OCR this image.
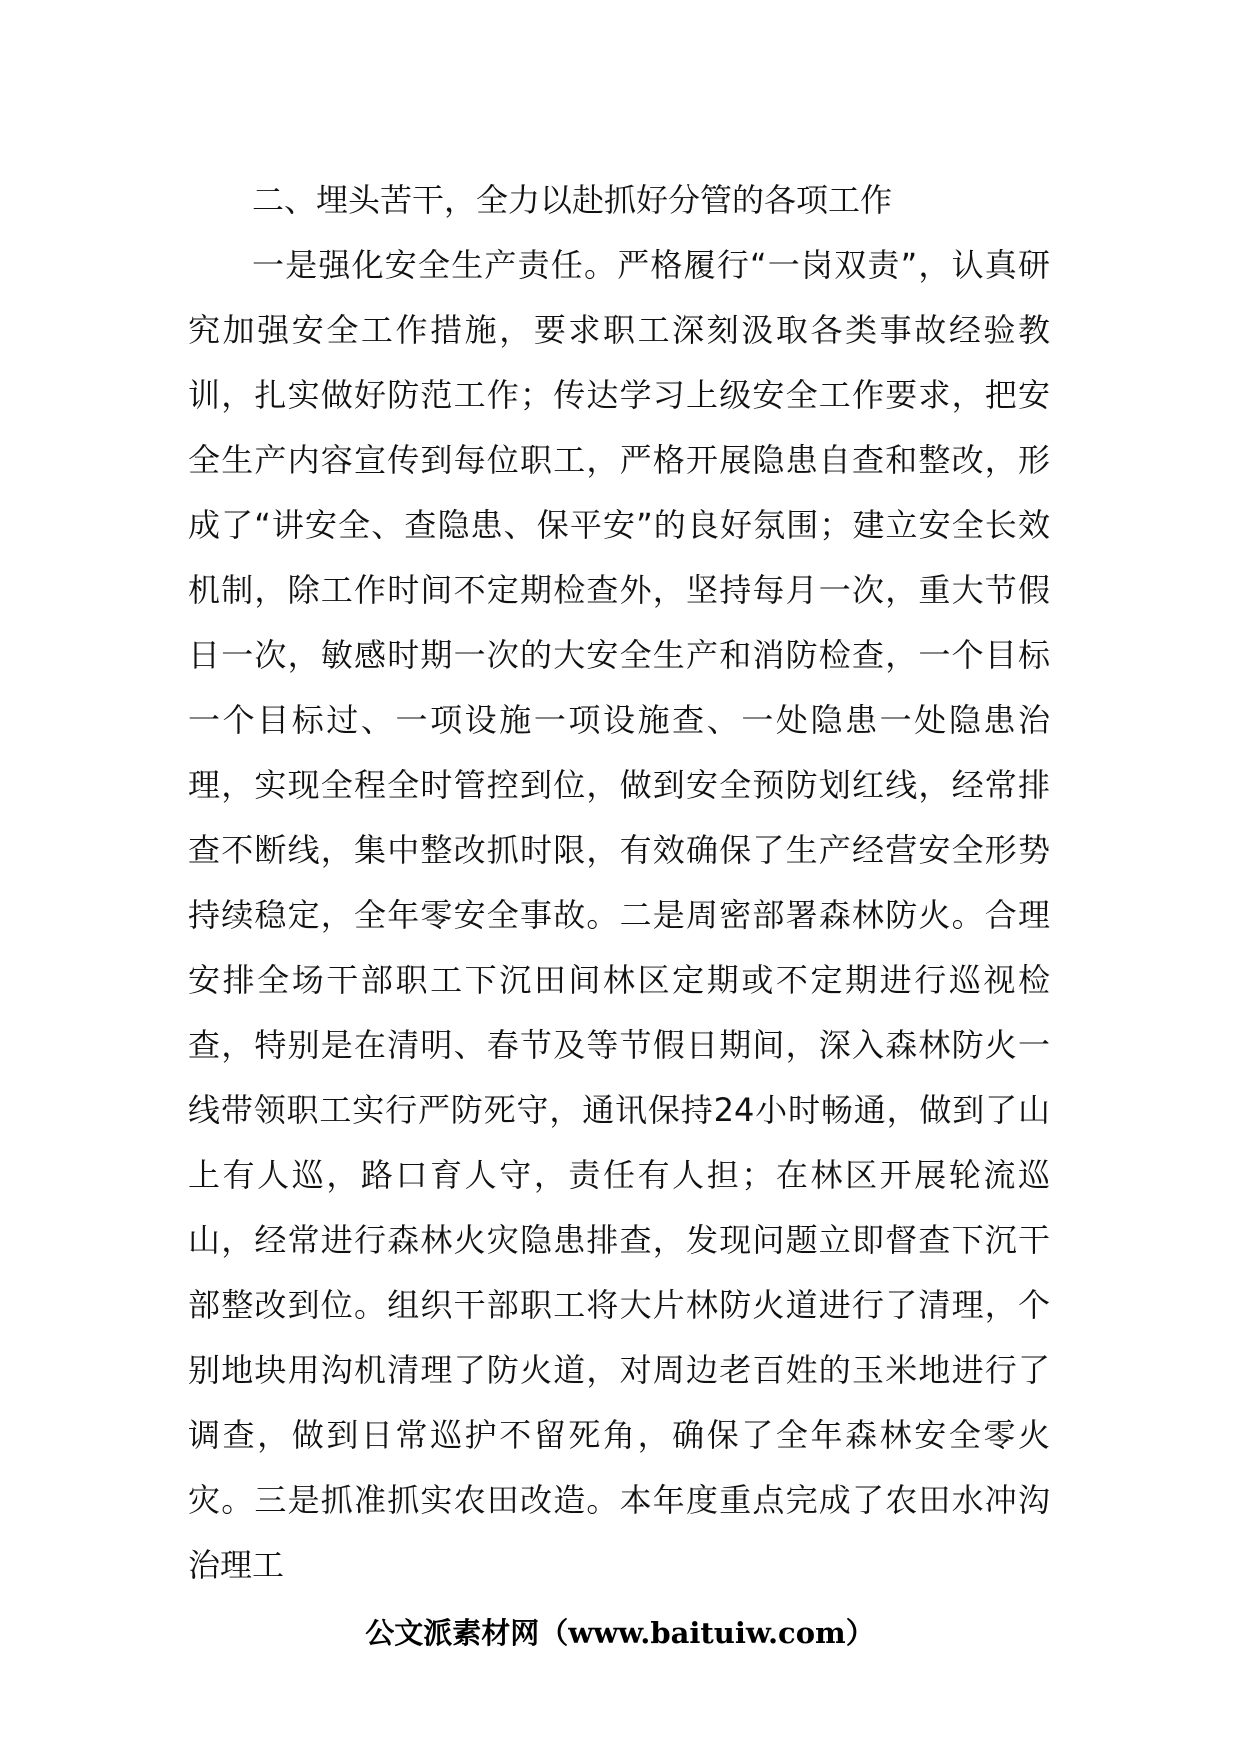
二、埋头苦干，全力以赴抓好分管的各项工作

一是强化安全生产责任。严格履行“一岗双责”，认真研究加强安全工作措施，要求职工深刻汲取各类事故经验教训，扎实做好防范工作；传达学习上级安全工作要求，把安全生产内容宣传到每位职工，严格开展隐患自查和整改，形成了“讲安全、查隐患、保平安”的良好氛围；建立安全长效机制，除工作时间不定期检查外，坚持每月一次，重大节假日一次，敏感时期一次的大安全生产和消防检查，一个目标一个目标过、一项设施一项设施查、一处隐患一处隐患治理，实现全程全时管控到位，做到安全预防划红线，经常排查不断线，集中整改抓时限，有效确保了生产经营安全形势持续稳定，全年零安全事故。二是周密部署森林防火。合理安排全场干部职工下沉田间林区定期或不定期进行巡视检查，特别是在清明、春节及等节假日期间，深入森林防火一线带领职工实行严防死守，通讯保持24小时畅通，做到了山上有人巡，路口育人守，责任有人担；在林区开展轮流巡山，经常进行森林火灾隐患排查，发现问题立即督查下沉干部整改到位。组织干部职工将大片林防火道进行了清理，个别地块用沟机清理了防火道，对周边老百姓的玉米地进行了调查，做到日常巡护不留死角，确保了全年森林安全零火灾。三是抓准抓实农田改造。本年度重点完成了农田水冲沟治理工

公文派素材网（www.baituiw.com）
